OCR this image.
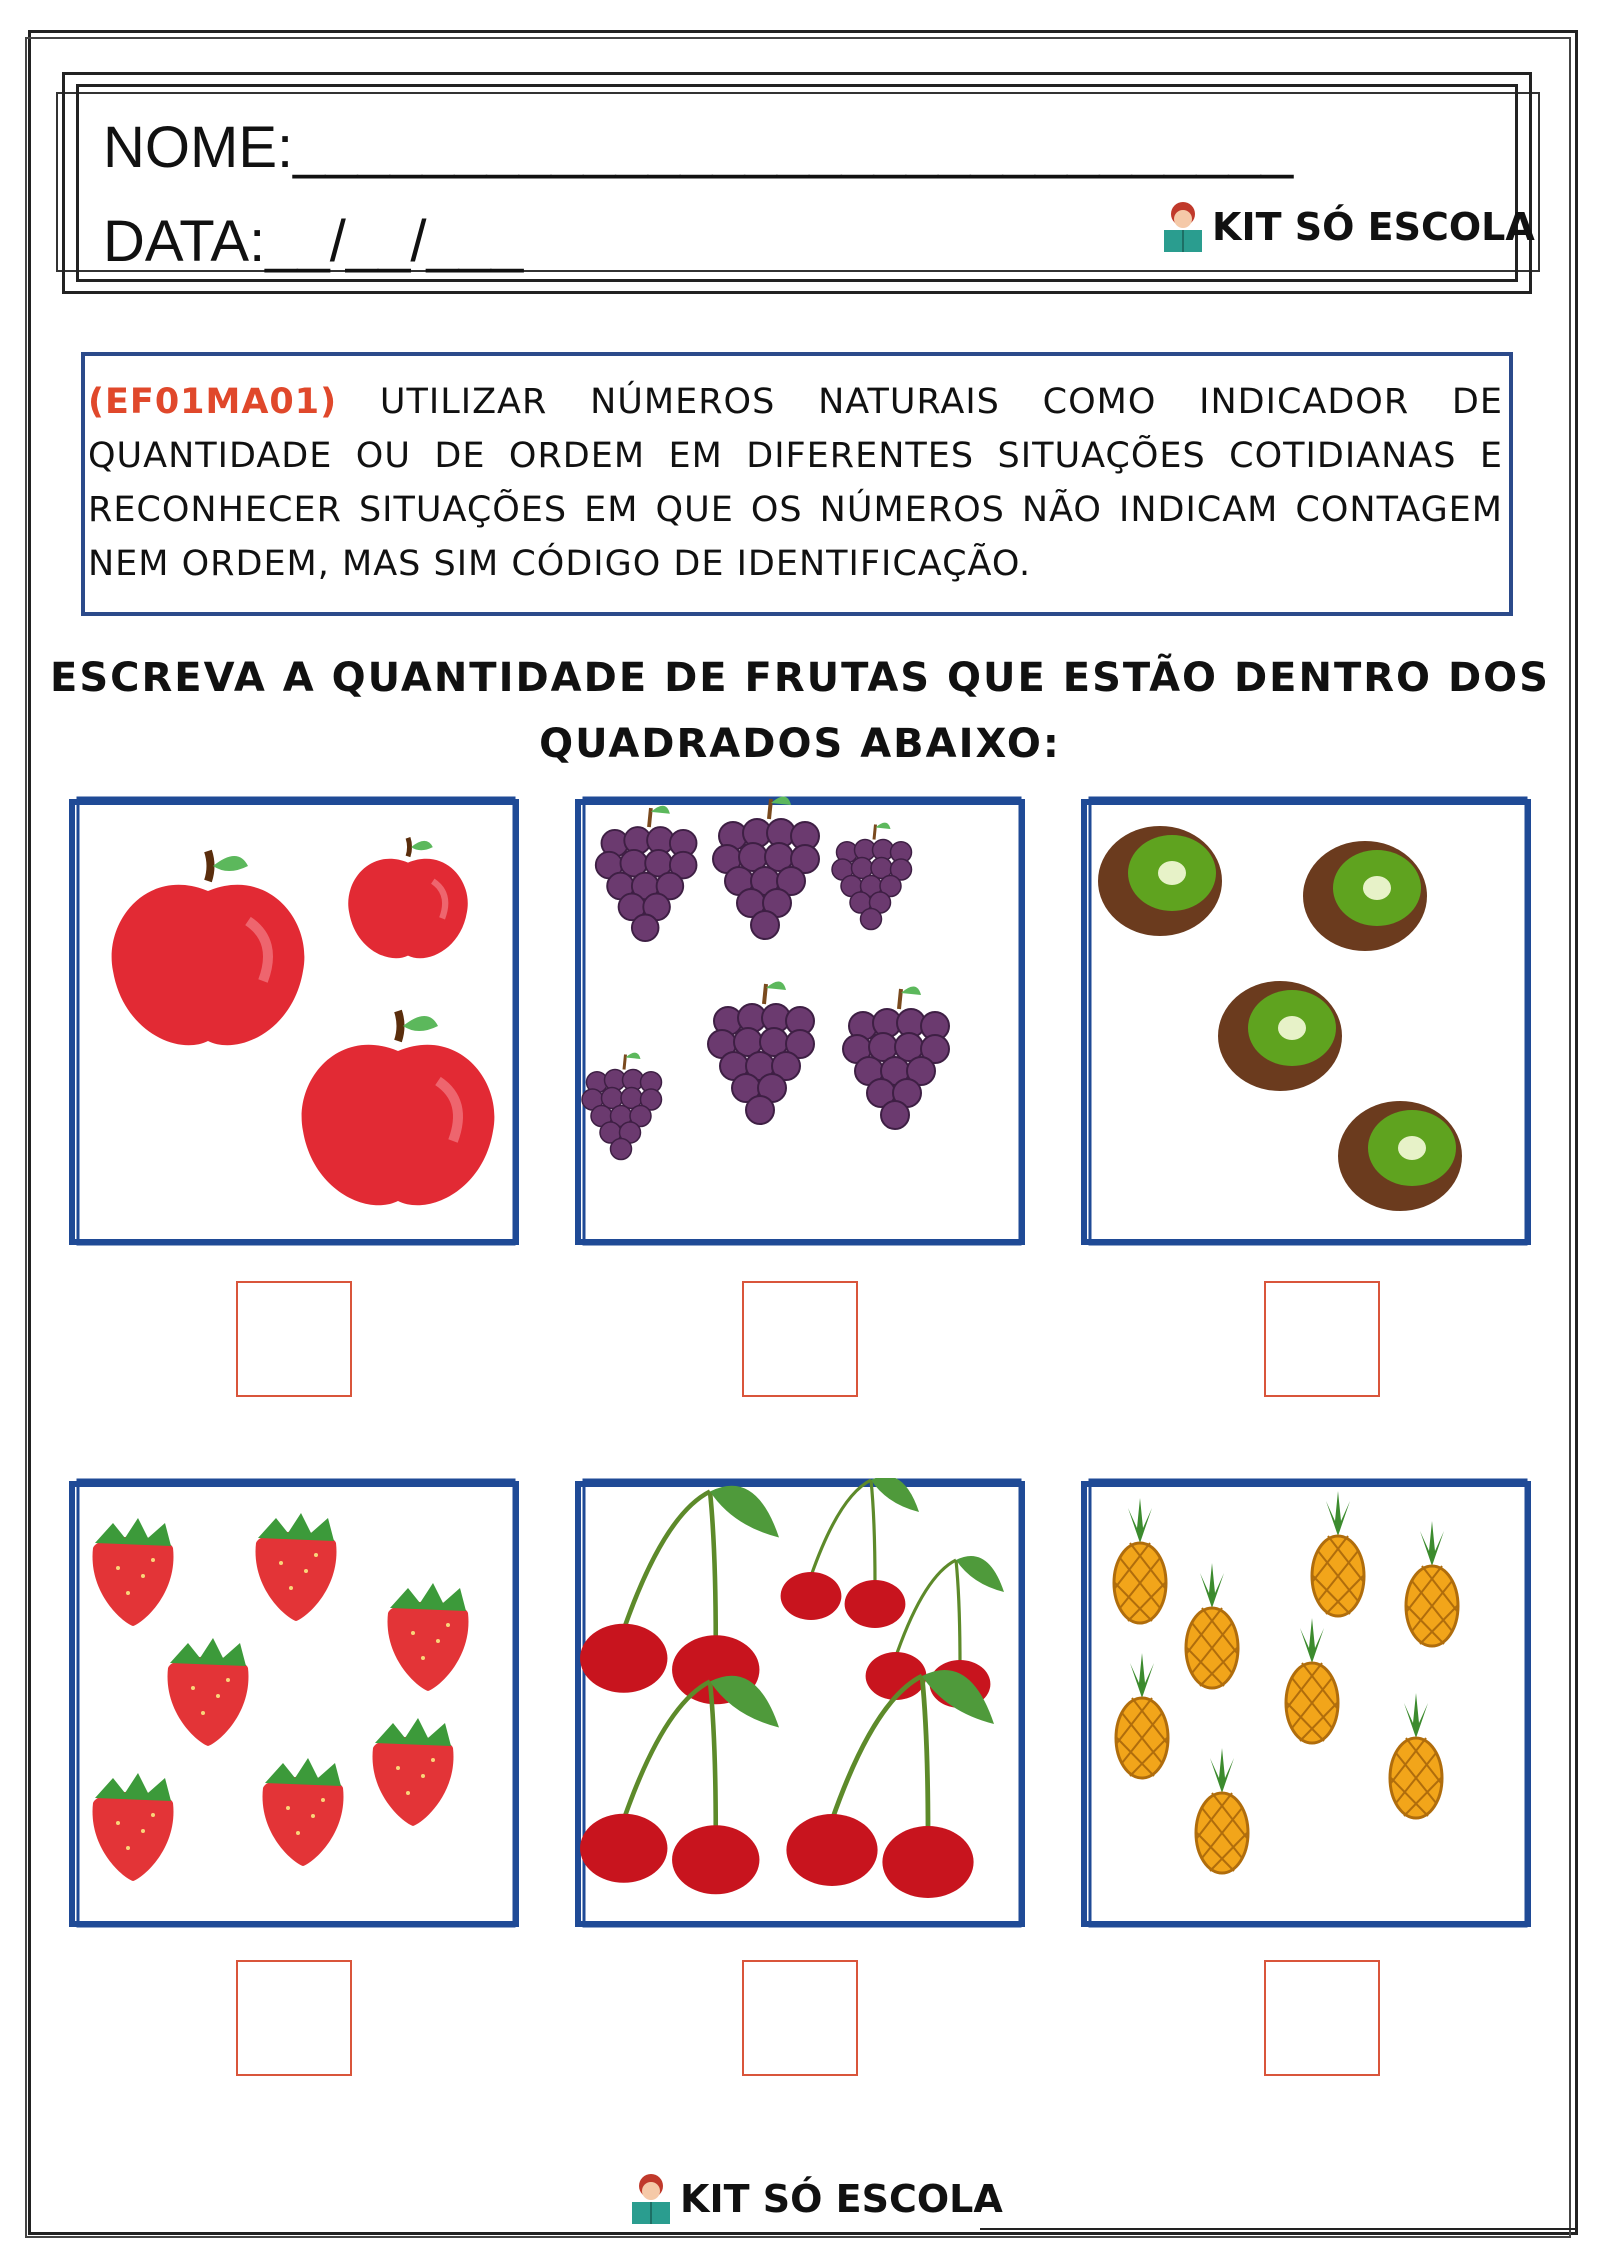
NOME:_______________________________
DATA:__/__/___	KIT SÓ ESCOLA
(EF01MA01) UTILIZAR NÚMEROS NATURAIS COMO INDICADOR DE QUANTIDADE OU DE ORDEM EM DIFERENTES SITUAÇÕES COTIDIANAS E RECONHECER SITUAÇÕES EM QUE OS NÚMEROS NÃO INDICAM CONTAGEM NEM ORDEM, MAS SIM CÓDIGO DE IDENTIFICAÇÃO.
ESCREVA A QUANTIDADE DE FRUTAS QUE ESTÃO DENTRO DOS
QUADRADOS ABAIXO:
KIT SÓ ESCOLA
